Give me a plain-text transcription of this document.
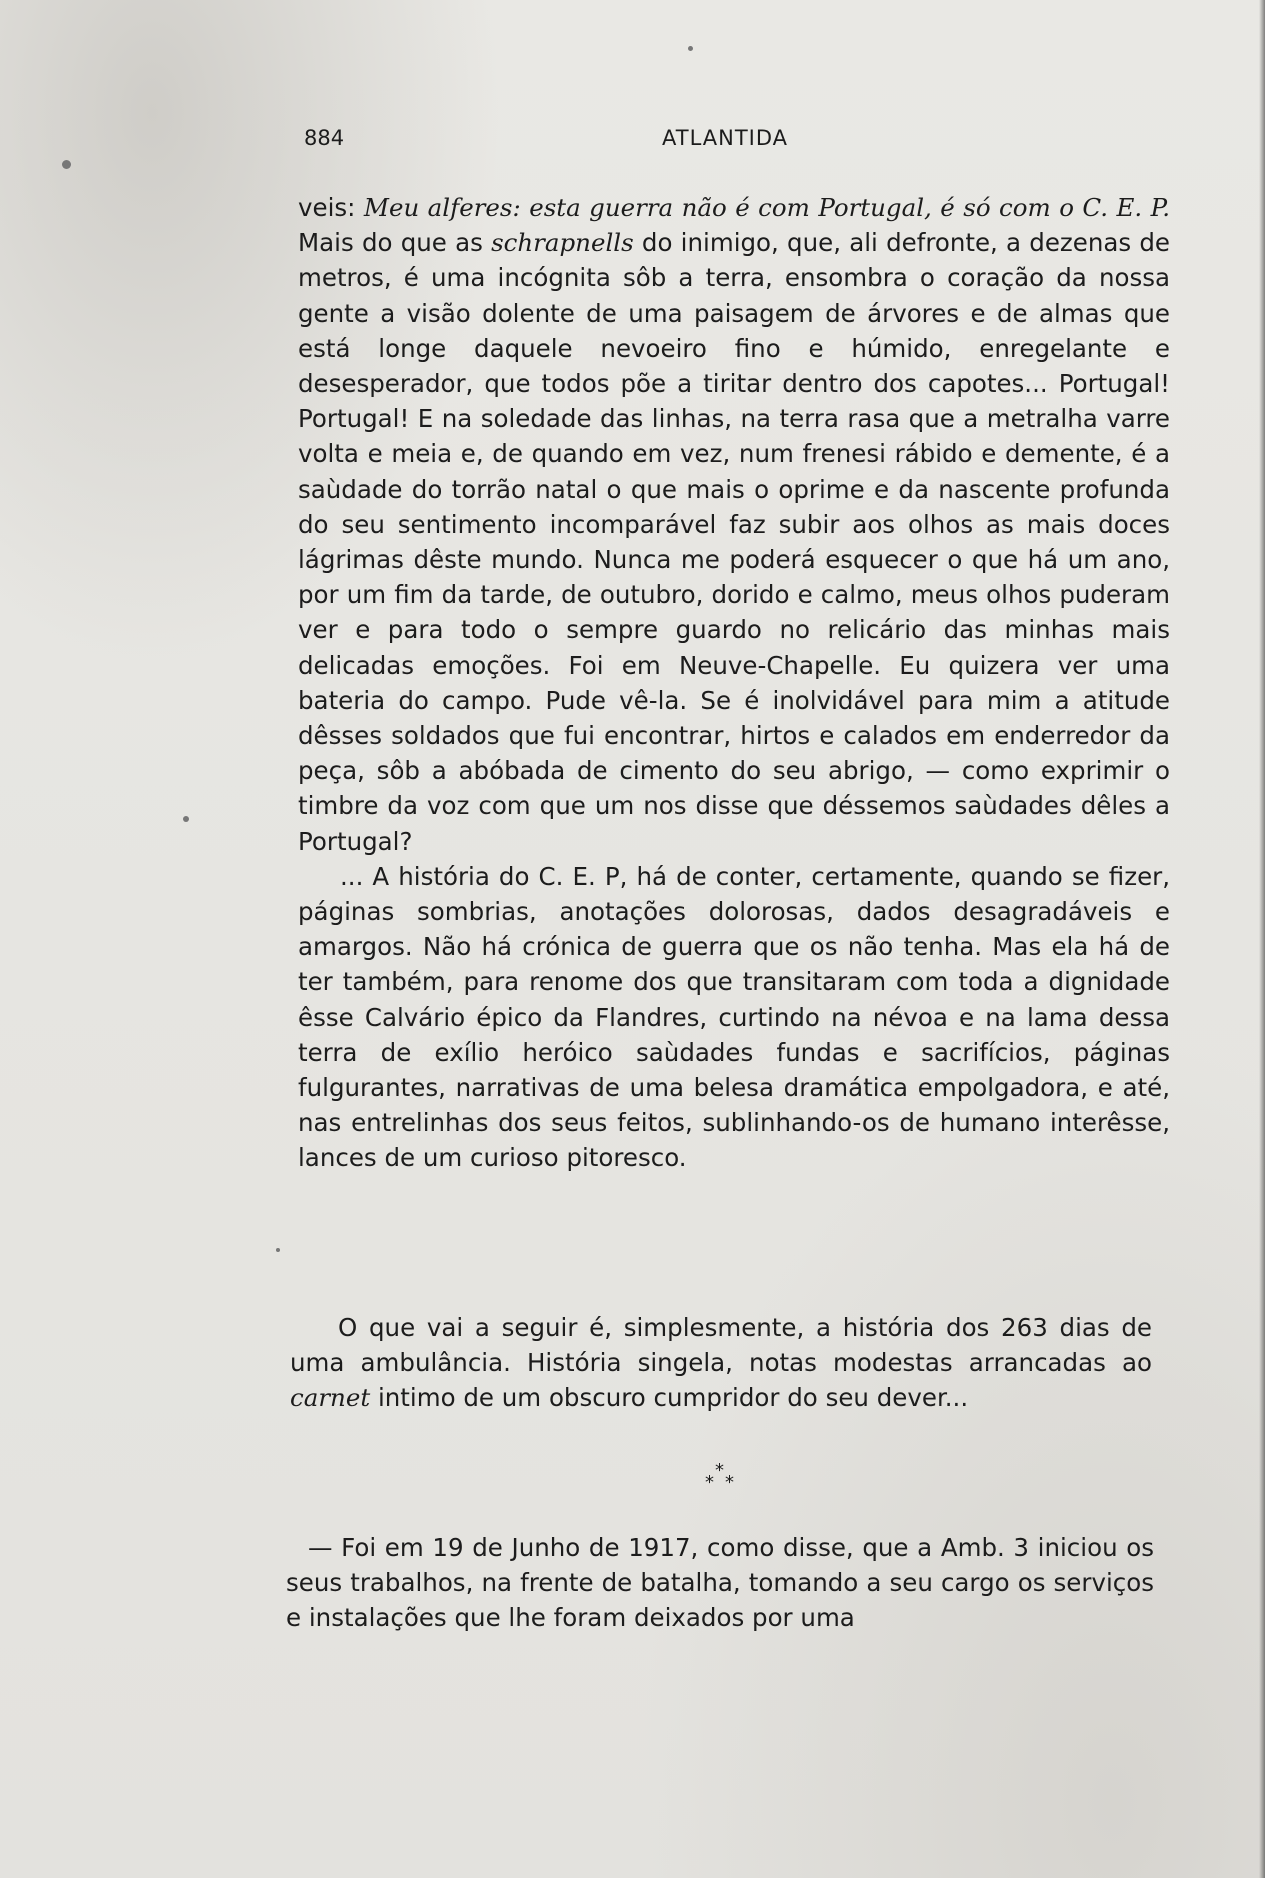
884	ATLANTIDA

veis: Meu alferes: esta guerra não é com Portugal, é só com o C. E. P. Mais do que as schrapnells do inimigo, que, ali defronte, a dezenas de metros, é uma incógnita sôb a terra, ensombra o coração da nossa gente a visão dolente de uma paisagem de árvores e de almas que está longe daquele nevoeiro fino e húmido, enregelante e desesperador, que todos põe a tiritar dentro dos capotes... Portugal! Portugal! E na soledade das linhas, na terra rasa que a metralha varre volta e meia e, de quando em vez, num frenesi rábido e demente, é a saùdade do torrão natal o que mais o oprime e da nascente profunda do seu sentimento incomparável faz subir aos olhos as mais doces lágrimas dêste mundo. Nunca me poderá esquecer o que há um ano, por um fim da tarde, de outubro, dorido e calmo, meus olhos puderam ver e para todo o sempre guardo no relicário das minhas mais delicadas emoções. Foi em Neuve-Chapelle. Eu quizera ver uma bateria do campo. Pude vê-la. Se é inolvidável para mim a atitude dêsses soldados que fui encontrar, hirtos e calados em enderredor da peça, sôb a abóbada de cimento do seu abrigo, — como exprimir o timbre da voz com que um nos disse que déssemos saùdades dêles a Portugal?

... A história do C. E. P, há de conter, certamente, quando se fizer, páginas sombrias, anotações dolorosas, dados desagradáveis e amargos. Não há crónica de guerra que os não tenha. Mas ela há de ter também, para renome dos que transitaram com toda a dignidade êsse Calvário épico da Flandres, curtindo na névoa e na lama dessa terra de exílio heróico saùdades fundas e sacrifícios, páginas fulgurantes, narrativas de uma belesa dramática empolgadora, e até, nas entrelinhas dos seus feitos, sublinhando-os de humano interêsse, lances de um curioso pitoresco.

O que vai a seguir é, simplesmente, a história dos 263 dias de uma ambulância. História singela, notas modestas arrancadas ao carnet intimo de um obscuro cumpridor do seu dever...

*
* *

— Foi em 19 de Junho de 1917, como disse, que a Amb. 3 iniciou os seus trabalhos, na frente de batalha, tomando a seu cargo os serviços e instalações que lhe foram deixados por uma
